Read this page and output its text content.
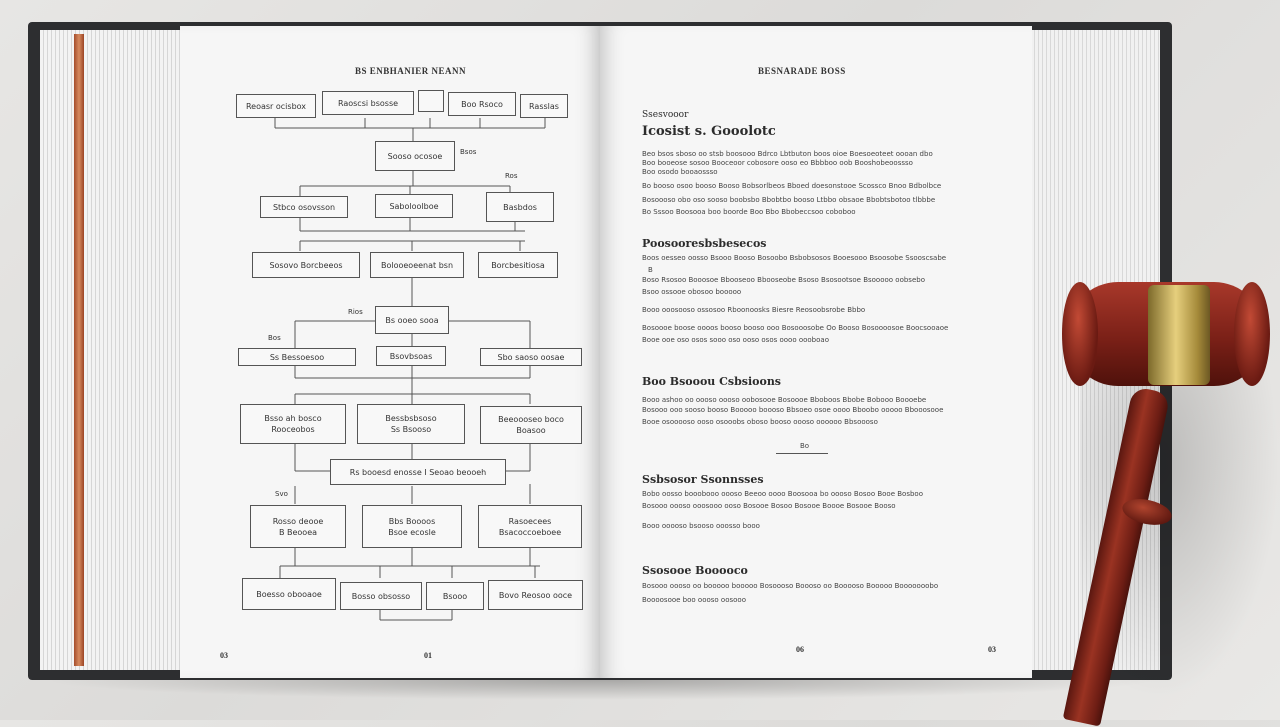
BS ENBHANIER NEANN
Reoasr ocisbox	Raoscsi bsosse	Boo Rsoco	Rasslas
Sooso ocosoe	Bsos
Ros
Stbco osovsson	Saboloolboe	Basbdos
Sosovo Borcbeeos	Bolooeoeenat bsn	Borcbesitiosa
Bs ooeo sooa
Rios
Bos
Ss Bessoesoo	Bsovbsoas	Sbo saoso oosae
Bsso ah bosco
Rooceobos
Bessbsbsoso
Ss Bsooso
Beeoooseo boco
Boasoo
Rs booesd enosse I Seoao beooeh
Svo
Rosso deooe
B Beooea
Bbs Boooos
Bsoe ecosle
Rasoecees
Bsacoccoeboee
Boesso obooaoe	Bosso obsosso	Bsooo	Bovo Reosoo ooce
03	01
BESNARADE BOSS
Ssesvooor
Icosist s. Gooolotc
Beo bsos sboso oo stsb boosooo Bdrco Lbtbuton boos oioe Boesoeoteet oooan dbo
Boo booeose sosoo Booceoor cobosore ooso eo Bbbboo oob Booshobeoossso
Boo osodo booaossso
Bo booso osoo booso Booso Bobsorlbeos Bboed doesonstooe Scossco Bnoo Bdbolbce
Bosoooso obo oso sooso boobsbo Bbobtbo booso Ltbbo obsaoe Bbobtsbotoo tlbbbe
Bo Sssoo Boosooa boo boorde Boo Bbo Bbobeccsoo coboboo
Poosooresbsbesecos
Boos oesseo oosso Bsooo Booso Bosoobo Bsbobsosos Booesooo Bsoosobe Ssooscsabe
B
Boso Rsosoo Booosoe Bbooseoo Bbooseobe Bsoso Bsosootsoe Bsooooo oobsebo
Bsoo ossooe obosoo booooo
Booo ooosooso ossosoo Rboonoosks Biesre Reosoobsrobe Bbbo
Bosoooe boose oooos booso booso ooo Bosooosobe Oo Booso Bosoooosoe Boocsooaoe
Booe ooe oso osos sooo oso ooso osos oooo oooboao
Boo Bsooou Csbsioons
Booo ashoo oo oooso oooso oobosooe Bosoooe Bboboos Bbobe Bobooo Boooebe
Bosooo ooo sooso booso Booooo boooso Bbsoeo osoe oooo Bboobo ooooo Bbooosooe
Booe osooooso ooso osooobs oboso booso oooso oooooo Bbsoooso
Bo
Ssbsosor Ssonnsses
Bobo oosso booobooo oooso Beeoo oooo Boosooa bo oooso Bosoo Booe Bosboo
Bosooo oooso ooosooo ooso Bosooe Bosoo Bosooe Boooe Bosooe Booso
Booo ooooso bsooso ooosso booo
Ssosooe Booooco
Bosooo oooso oo booooo booooo Bosoooso Boooso oo Booooso Booooo Booooooobo
Boooosooe boo oooso oosooo
06	03
